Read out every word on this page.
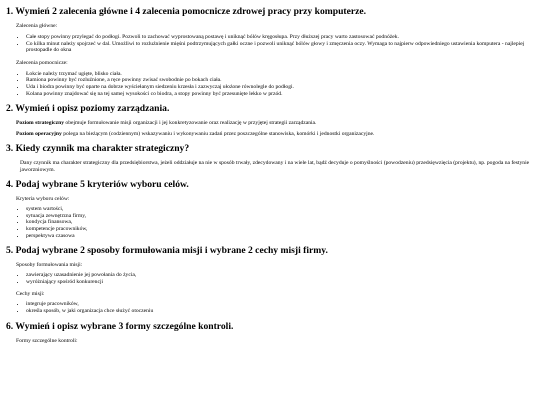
1. Wymień 2 zalecenia główne i 4 zalecenia pomocnicze zdrowej pracy przy komputerze.
Zalecenia główne:
• Całe stopy powinny przylegać do podłogi. Pozwoli to zachować wyprostowaną postawę i uniknąć bólów kręgosłupa. Przy dłuższej pracy warto zastosować podnóżek.
• Co kilka minut należy spojrzeć w dal. Umożliwi to rozluźnienie mięśni podtrzymujących gałki oczne i pozwoli uniknąć bólów głowy i zmęczenia oczy. Wymaga to najpierw odpowiedniego ustawienia komputera - najlepiej prostopadle do okna
Zalecenia pomocnicze:
• Łokcie należy trzymać ugięte, blisko ciała.
• Ramiona powinny być rozluźnione, a ręce powinny zwisać swobodnie po bokach ciała.
• Uda i biodra powinny być oparte na dobrze wyściełanym siedzeniu krzesła i zazwyczaj ułożone równolegle do podłogi.
• Kolana powinny znajdować się na tej samej wysokości co biodra, a stopy powinny być przesunięte lekko w przód.
2. Wymień i opisz poziomy zarządzania.
Poziom strategiczny obejmuje formułowanie misji organizacji i jej konkretyzowanie oraz realizację w przyjętej strategii zarządzania.
Poziom operacyjny polega na bieżącym (codziennym) wskazywaniu i wykonywaniu zadań przez poszczególne stanowiska, komórki i jednostki organizacyjne.
3. Kiedy czynnik ma charakter strategiczny?
Dany czynnik ma charakter strategiczny dla przedsiębiorstwa, jeżeli oddziałuje na nie w sposób trwały, zdecydowany i na wiele lat, bądź decyduje o pomyślności (powodzeniu) przedsięwzięcia (projektu), np. pogoda na festynie jaworzniowym.
4. Podaj wybrane 5 kryteriów wyboru celów.
Kryteria wyboru celów:
• system wartości,
• sytuacja zewnętrzna firmy,
• kondycja finansowa,
• kompetencje pracowników,
• perspektywa czasowa
5. Podaj wybrane 2 sposoby formułowania misji i wybrane 2 cechy misji firmy.
Sposoby formułowania misji:
• zawierający uzasadnienie jej powołania do życia,
• wyróżniający spośród konkurencji
Cechy misji:
• integruje pracowników,
• określa sposób, w jaki organizacja chce służyć otoczeniu
6. Wymień i opisz wybrane 3 formy szczególne kontroli.
Formy szczególne kontroli:
